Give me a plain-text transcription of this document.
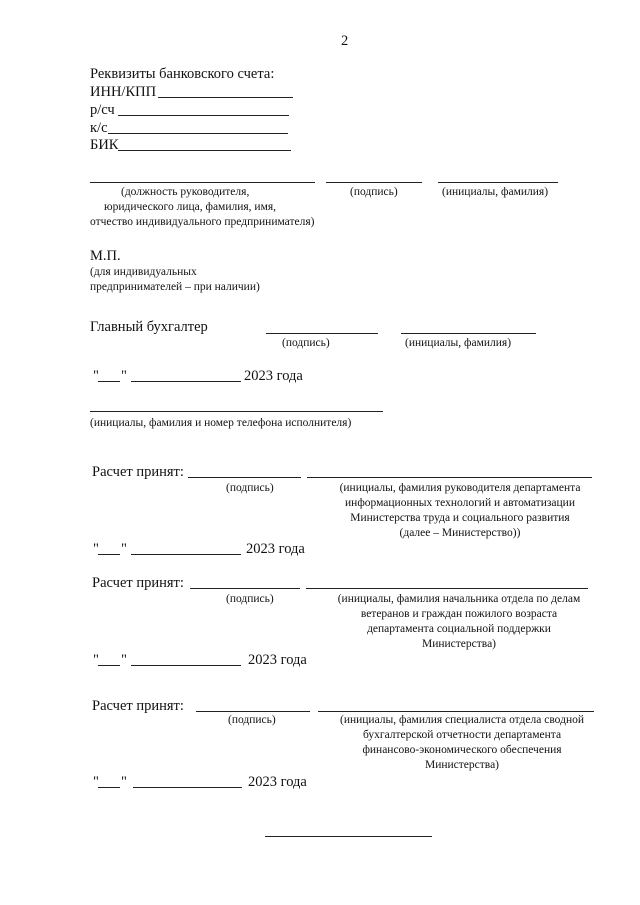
2
Реквизиты банковского счета:
ИНН/КПП
р/сч
к/с
БИК
(должность руководителя,	(подпись)	(инициалы, фамилия)
юридического лица, фамилия, имя,
отчество индивидуального предпринимателя)
М.П.
(для индивидуальных
предпринимателей – при наличии)
Главный бухгалтер
(подпись)	(инициалы, фамилия)
" "	2023 года
(инициалы, фамилия и номер телефона исполнителя)
Расчет принят:
(подпись)	(инициалы, фамилия руководителя департамента
информационных технологий и автоматизации
Министерства труда и социального развития
(далее – Министерство))
" "	2023 года
Расчет принят:
(подпись)	(инициалы, фамилия начальника отдела по делам
ветеранов и граждан пожилого возраста
департамента социальной поддержки
Министерства)
" "	2023 года
Расчет принят:
(подпись)	(инициалы, фамилия специалиста отдела сводной
бухгалтерской отчетности департамента
финансово-экономического обеспечения
Министерства)
" "	2023 года
